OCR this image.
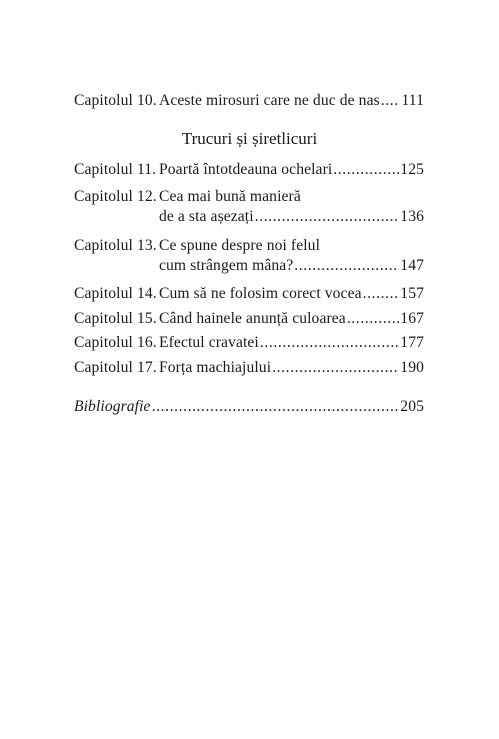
Capitolul 10. Aceste mirosuri care ne duc de nas ..... 111
Trucuri și șiretlicuri
Capitolul 11. Poartă întotdeauna ochelari .....	125
Capitolul 12. Cea mai bună manieră
de a sta așezați .....	136
Capitolul 13. Ce spune despre noi felul
cum strângem mâna? .....	147
Capitolul 14. Cum să ne folosim corect vocea ..... 157
Capitolul 15. Când hainele anunță culoarea .....	167
Capitolul 16. Efectul cravatei .....	177
Capitolul 17. Forța machiajului .....	190
Bibliografie .....	205
